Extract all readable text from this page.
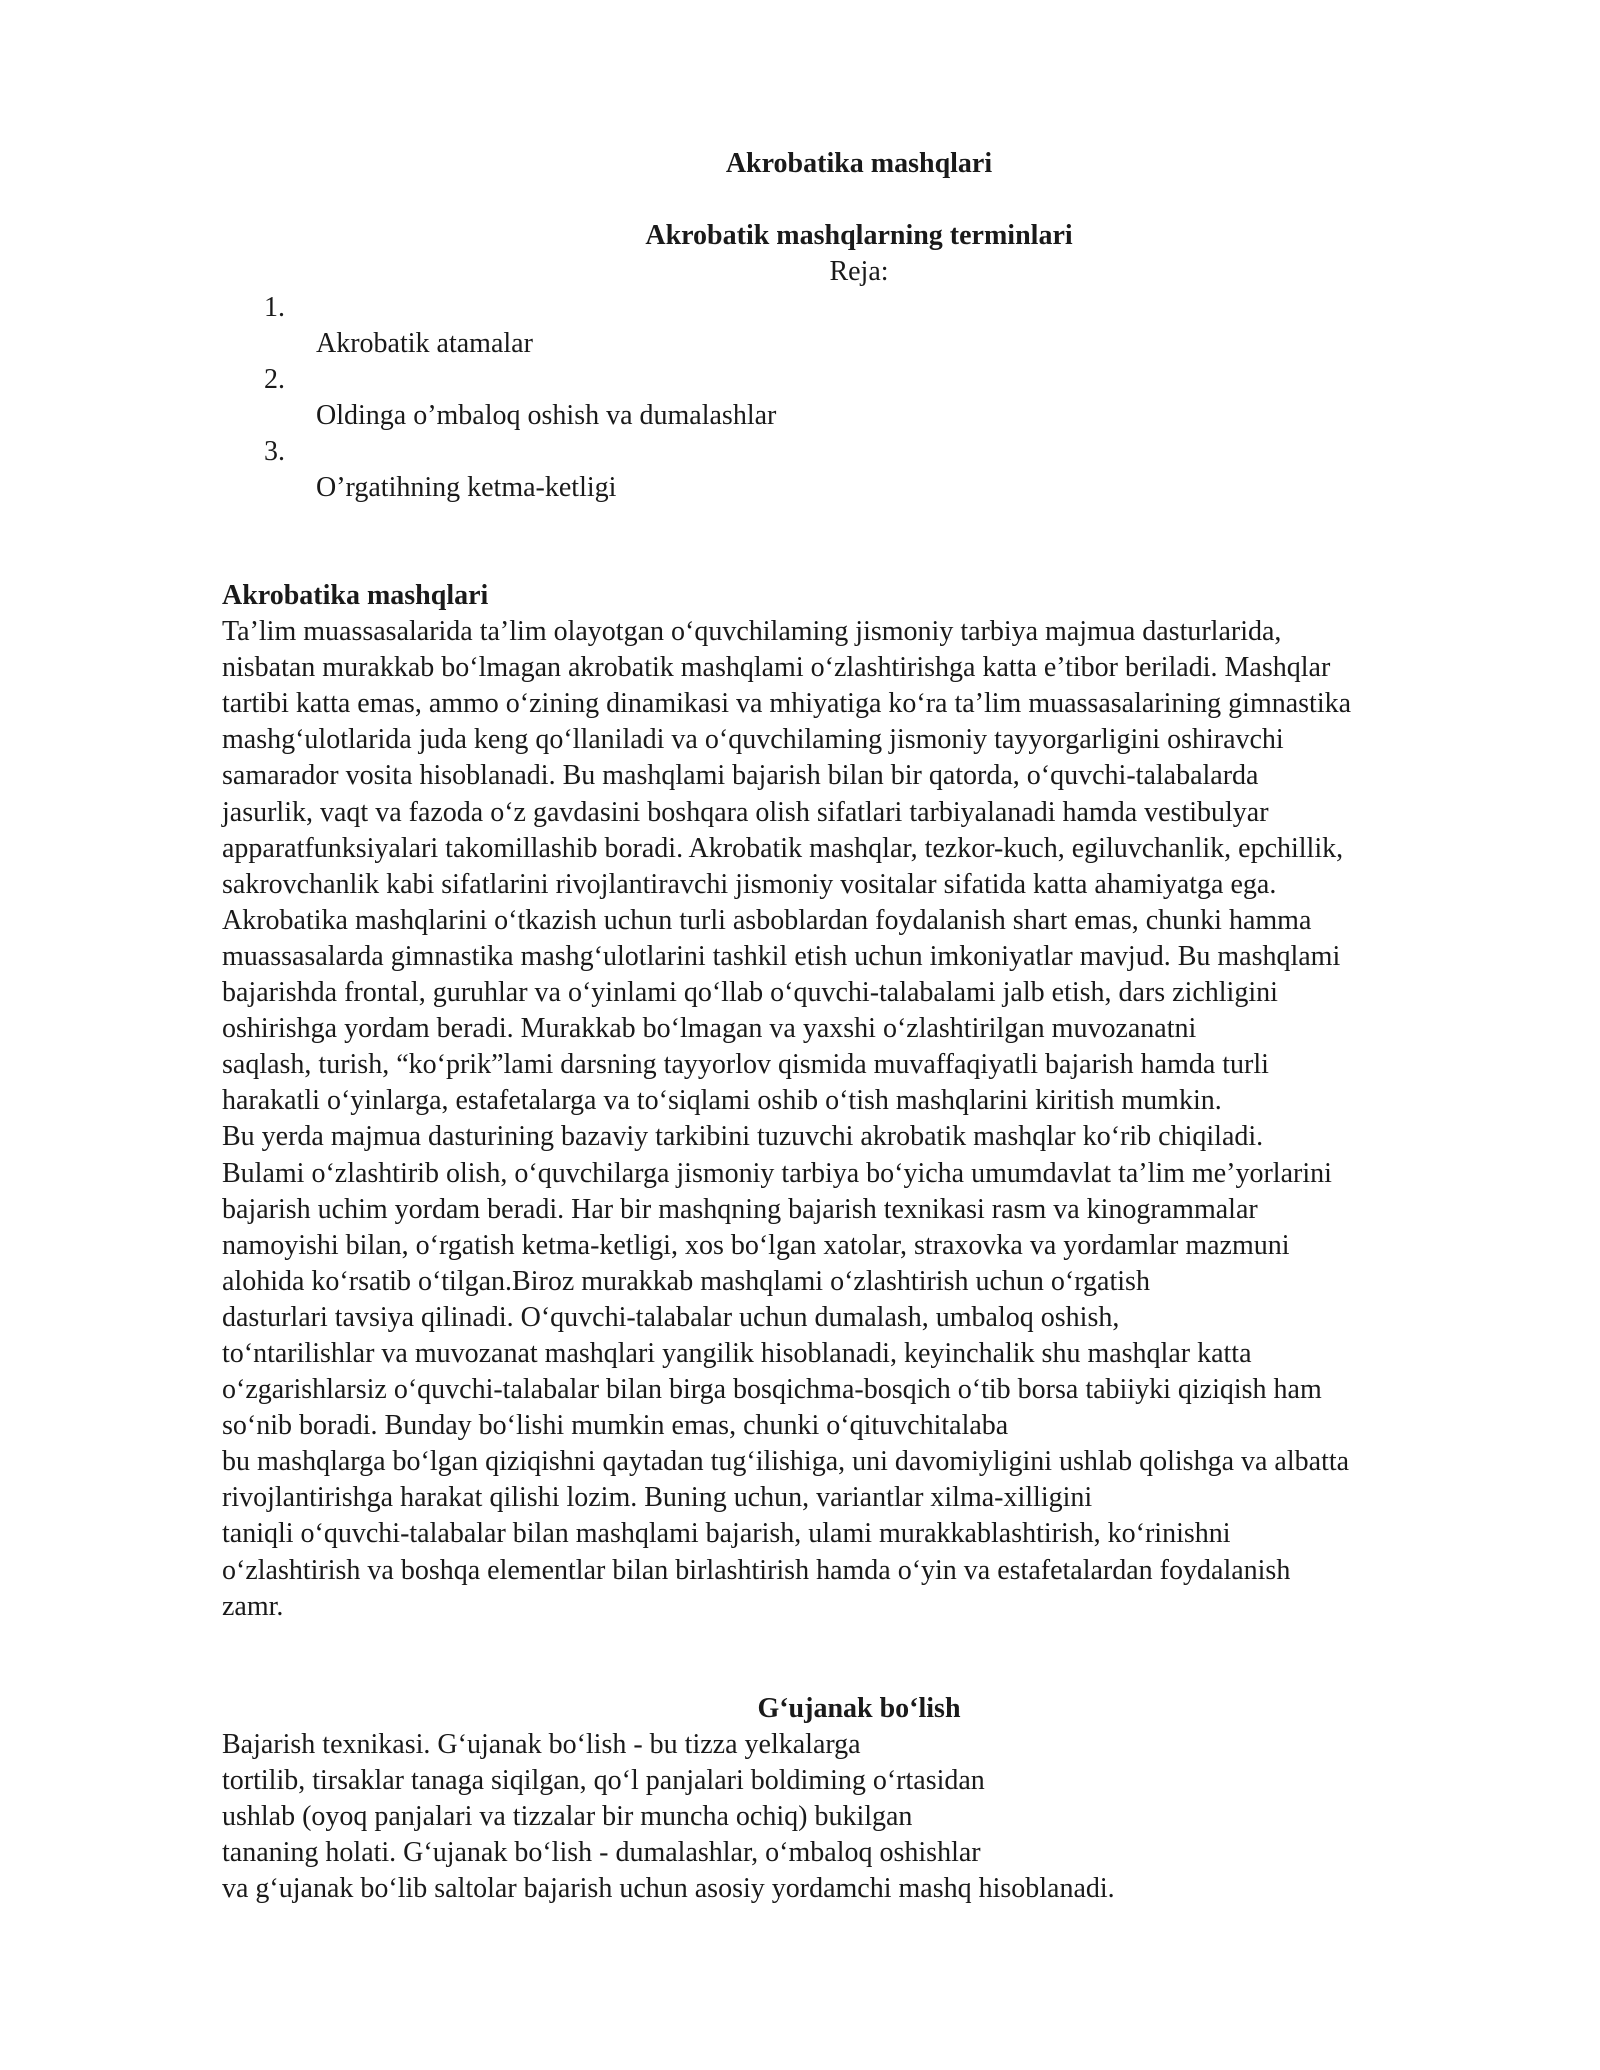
Akrobatika mashqlari
Akrobatik mashqlarning terminlari
Reja:
1.
Akrobatik atamalar
2.
Oldinga o’mbaloq oshish va dumalashlar
3.
O’rgatihning ketma-ketligi
Akrobatika mashqlari
Ta’lim muassasalarida ta’lim olayotgan o‘quvchilaming jismoniy tarbiya majmua dasturlarida,
nisbatan murakkab bo‘lmagan akrobatik mashqlami o‘zlashtirishga katta e’tibor beriladi. Mashqlar
tartibi katta emas, ammo o‘zining dinamikasi va mhiyatiga ko‘ra ta’lim muassasalarining gimnastika
mashg‘ulotlarida juda keng qo‘llaniladi va o‘quvchilaming jismoniy tayyorgarligini oshiravchi
samarador vosita hisoblanadi. Bu mashqlami bajarish bilan bir qatorda, o‘quvchi-talabalarda
jasurlik, vaqt va fazoda o‘z gavdasini boshqara olish sifatlari tarbiyalanadi hamda vestibulyar
apparatfunksiyalari takomillashib boradi. Akrobatik mashqlar, tezkor-kuch, egiluvchanlik, epchillik,
sakrovchanlik kabi sifatlarini rivojlantiravchi jismoniy vositalar sifatida katta ahamiyatga ega.
Akrobatika mashqlarini o‘tkazish uchun turli asboblardan foydalanish shart emas, chunki hamma
muassasalarda gimnastika mashg‘ulotlarini tashkil etish uchun imkoniyatlar mavjud. Bu mashqlami
bajarishda frontal, guruhlar va o‘yinlami qo‘llab o‘quvchi-talabalami jalb etish, dars zichligini
oshirishga yordam beradi. Murakkab bo‘lmagan va yaxshi o‘zlashtirilgan muvozanatni
saqlash, turish, “ko‘prik”lami darsning tayyorlov qismida muvaffaqiyatli bajarish hamda turli
harakatli o‘yinlarga, estafetalarga va to‘siqlami oshib o‘tish mashqlarini kiritish mumkin.
Bu yerda majmua dasturining bazaviy tarkibini tuzuvchi akrobatik mashqlar ko‘rib chiqiladi.
Bulami o‘zlashtirib olish, o‘quvchilarga jismoniy tarbiya bo‘yicha umumdavlat ta’lim me’yorlarini
bajarish uchim yordam beradi. Har bir mashqning bajarish texnikasi rasm va kinogrammalar
namoyishi bilan, o‘rgatish ketma-ketligi, xos bo‘lgan xatolar, straxovka va yordamlar mazmuni
alohida ko‘rsatib o‘tilgan.Biroz murakkab mashqlami o‘zlashtirish uchun o‘rgatish
dasturlari tavsiya qilinadi. O‘quvchi-talabalar uchun dumalash, umbaloq oshish,
to‘ntarilishlar va muvozanat mashqlari yangilik hisoblanadi, keyinchalik shu mashqlar katta
o‘zgarishlarsiz o‘quvchi-talabalar bilan birga bosqichma-bosqich o‘tib borsa tabiiyki qiziqish ham
so‘nib boradi. Bunday bo‘lishi mumkin emas, chunki o‘qituvchitalaba
bu mashqlarga bo‘lgan qiziqishni qaytadan tug‘ilishiga, uni davomiyligini ushlab qolishga va albatta
rivojlantirishga harakat qilishi lozim. Buning uchun, variantlar xilma-xilligini
taniqli o‘quvchi-talabalar bilan mashqlami bajarish, ulami murakkablashtirish, ko‘rinishni
o‘zlashtirish va boshqa elementlar bilan birlashtirish hamda o‘yin va estafetalardan foydalanish
zamr.
G‘ujanak bo‘lish
Bajarish texnikasi. G‘ujanak bo‘lish - bu tizza yelkalarga
tortilib, tirsaklar tanaga siqilgan, qo‘l panjalari boldiming o‘rtasidan
ushlab (oyoq panjalari va tizzalar bir muncha ochiq) bukilgan
tananing holati. G‘ujanak bo‘lish - dumalashlar, o‘mbaloq oshishlar
va g‘ujanak bo‘lib saltolar bajarish uchun asosiy yordamchi mashq hisoblanadi.
